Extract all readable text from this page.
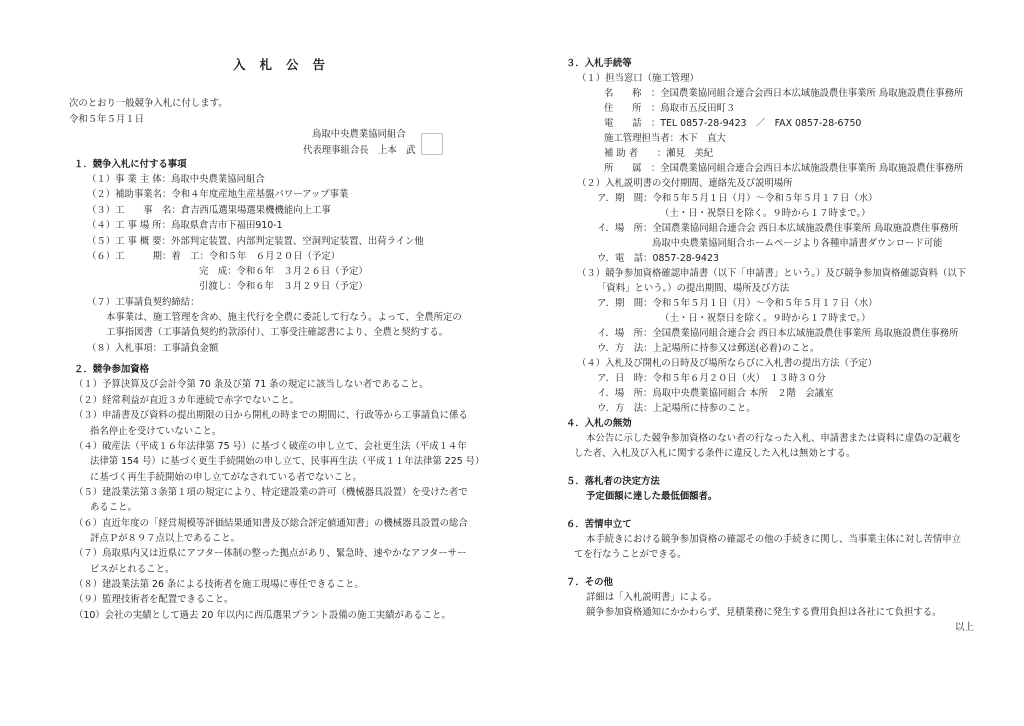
入札公告
次のとおり一般競争入札に付します。
令和５年５月１日
鳥取中央農業協同組合
代表理事組合長　上本　武
１．競争入札に付する事項
（１）事 業 主 体：鳥取中央農業協同組合
（２）補助事業名：令和４年度産地生産基盤パワーアップ事業
（３）工　　事　名：倉吉西瓜選果場選果機機能向上工事
（４）工 事 場 所：鳥取県倉吉市下福田910-1
（５）工 事 概 要：外部判定装置、内部判定装置、空洞判定装置、出荷ライン他
（６）工　　　期：着　工：令和５年　６月２０日（予定）
完　成：令和６年　３月２６日（予定）
引渡し：令和６年　３月２９日（予定）
（７）工事請負契約締結：
本事業は、施工管理を含め、施主代行を全農に委託して行なう。よって、全農所定の
工事指図書（工事請負契約約款添付）、工事受注確認書により、全農と契約する。
（８）入札事項：工事請負金額
２．競争参加資格
（１）予算決算及び会計令第 70 条及び第 71 条の規定に該当しない者であること。
（２）経常利益が直近３カ年連続で赤字でないこと。
（３）申請書及び資料の提出期限の日から開札の時までの期間に、行政等から工事請負に係る
指名停止を受けていないこと。
（４）破産法（平成１６年法律第 75 号）に基づく破産の申し立て、会社更生法（平成１４年
法律第 154 号）に基づく更生手続開始の申し立て、民事再生法（平成１１年法律第 225 号）
に基づく再生手続開始の申し立てがなされている者でないこと。
（５）建設業法第３条第１項の規定により、特定建設業の許可（機械器具設置）を受けた者で
あること。
（６）直近年度の「経営規模等評価結果通知書及び総合評定値通知書」の機械器具設置の総合
評点Ｐが８９７点以上であること。
（７）鳥取県内又は近県にアフター体制の整った拠点があり、緊急時、速やかなアフターサー
ビスがとれること。
（８）建設業法第 26 条による技術者を施工現場に専任できること。
（９）監理技術者を配置できること。
（10）会社の実績として過去 20 年以内に西瓜選果プラント設備の施工実績があること。
３．入札手続等
（１）担当窓口（施工管理）
名　　称　：全国農業協同組合連合会西日本広域施設農住事業所 鳥取施設農住事務所
住　　所　：鳥取市五反田町３
電　　話　：TEL 0857-28-9423　／　FAX 0857-28-6750
施工管理担当者：木下　直大
補 助 者　　：瀬見　美紀
所　　属　：全国農業協同組合連合会西日本広域施設農住事業所 鳥取施設農住事務所
（２）入札説明書の交付期間、連絡先及び説明場所
ア．期　間：令和５年５月１日（月）～令和５年５月１７日（水）
（土・日・祝祭日を除く。９時から１７時まで。）
イ．場　所：全国農業協同組合連合会 西日本広域施設農住事業所 鳥取施設農住事務所
鳥取中央農業協同組合ホームページより各種申請書ダウンロード可能
ウ．電　話：0857-28-9423
（３）競争参加資格確認申請書（以下「申請書」という。）及び競争参加資格確認資料（以下
「資料」という。）の提出期間、場所及び方法
ア．期　間：令和５年５月１日（月）～令和５年５月１７日（水）
（土・日・祝祭日を除く。９時から１７時まで。）
イ．場　所：全国農業協同組合連合会 西日本広域施設農住事業所 鳥取施設農住事務所
ウ．方　法：上記場所に持参又は郵送(必着)のこと。
（４）入札及び開札の日時及び場所ならびに入札書の提出方法（予定）
ア．日　時：令和５年６月２０日（火）　１３時３０分
イ．場　所：鳥取中央農業協同組合 本所　２階　会議室
ウ．方　法：上記場所に持参のこと。
４．入札の無効
本公告に示した競争参加資格のない者の行なった入札、申請書または資料に虚偽の記載を
した者、入札及び入札に関する条件に違反した入札は無効とする。
５．落札者の決定方法
予定価額に達した最低価額者。
６．苦情申立て
本手続きにおける競争参加資格の確認その他の手続きに関し、当事業主体に対し苦情申立
てを行なうことができる。
７．その他
詳細は「入札説明書」による。
競争参加資格通知にかかわらず、見積業務に発生する費用負担は各社にて負担する。
以上
